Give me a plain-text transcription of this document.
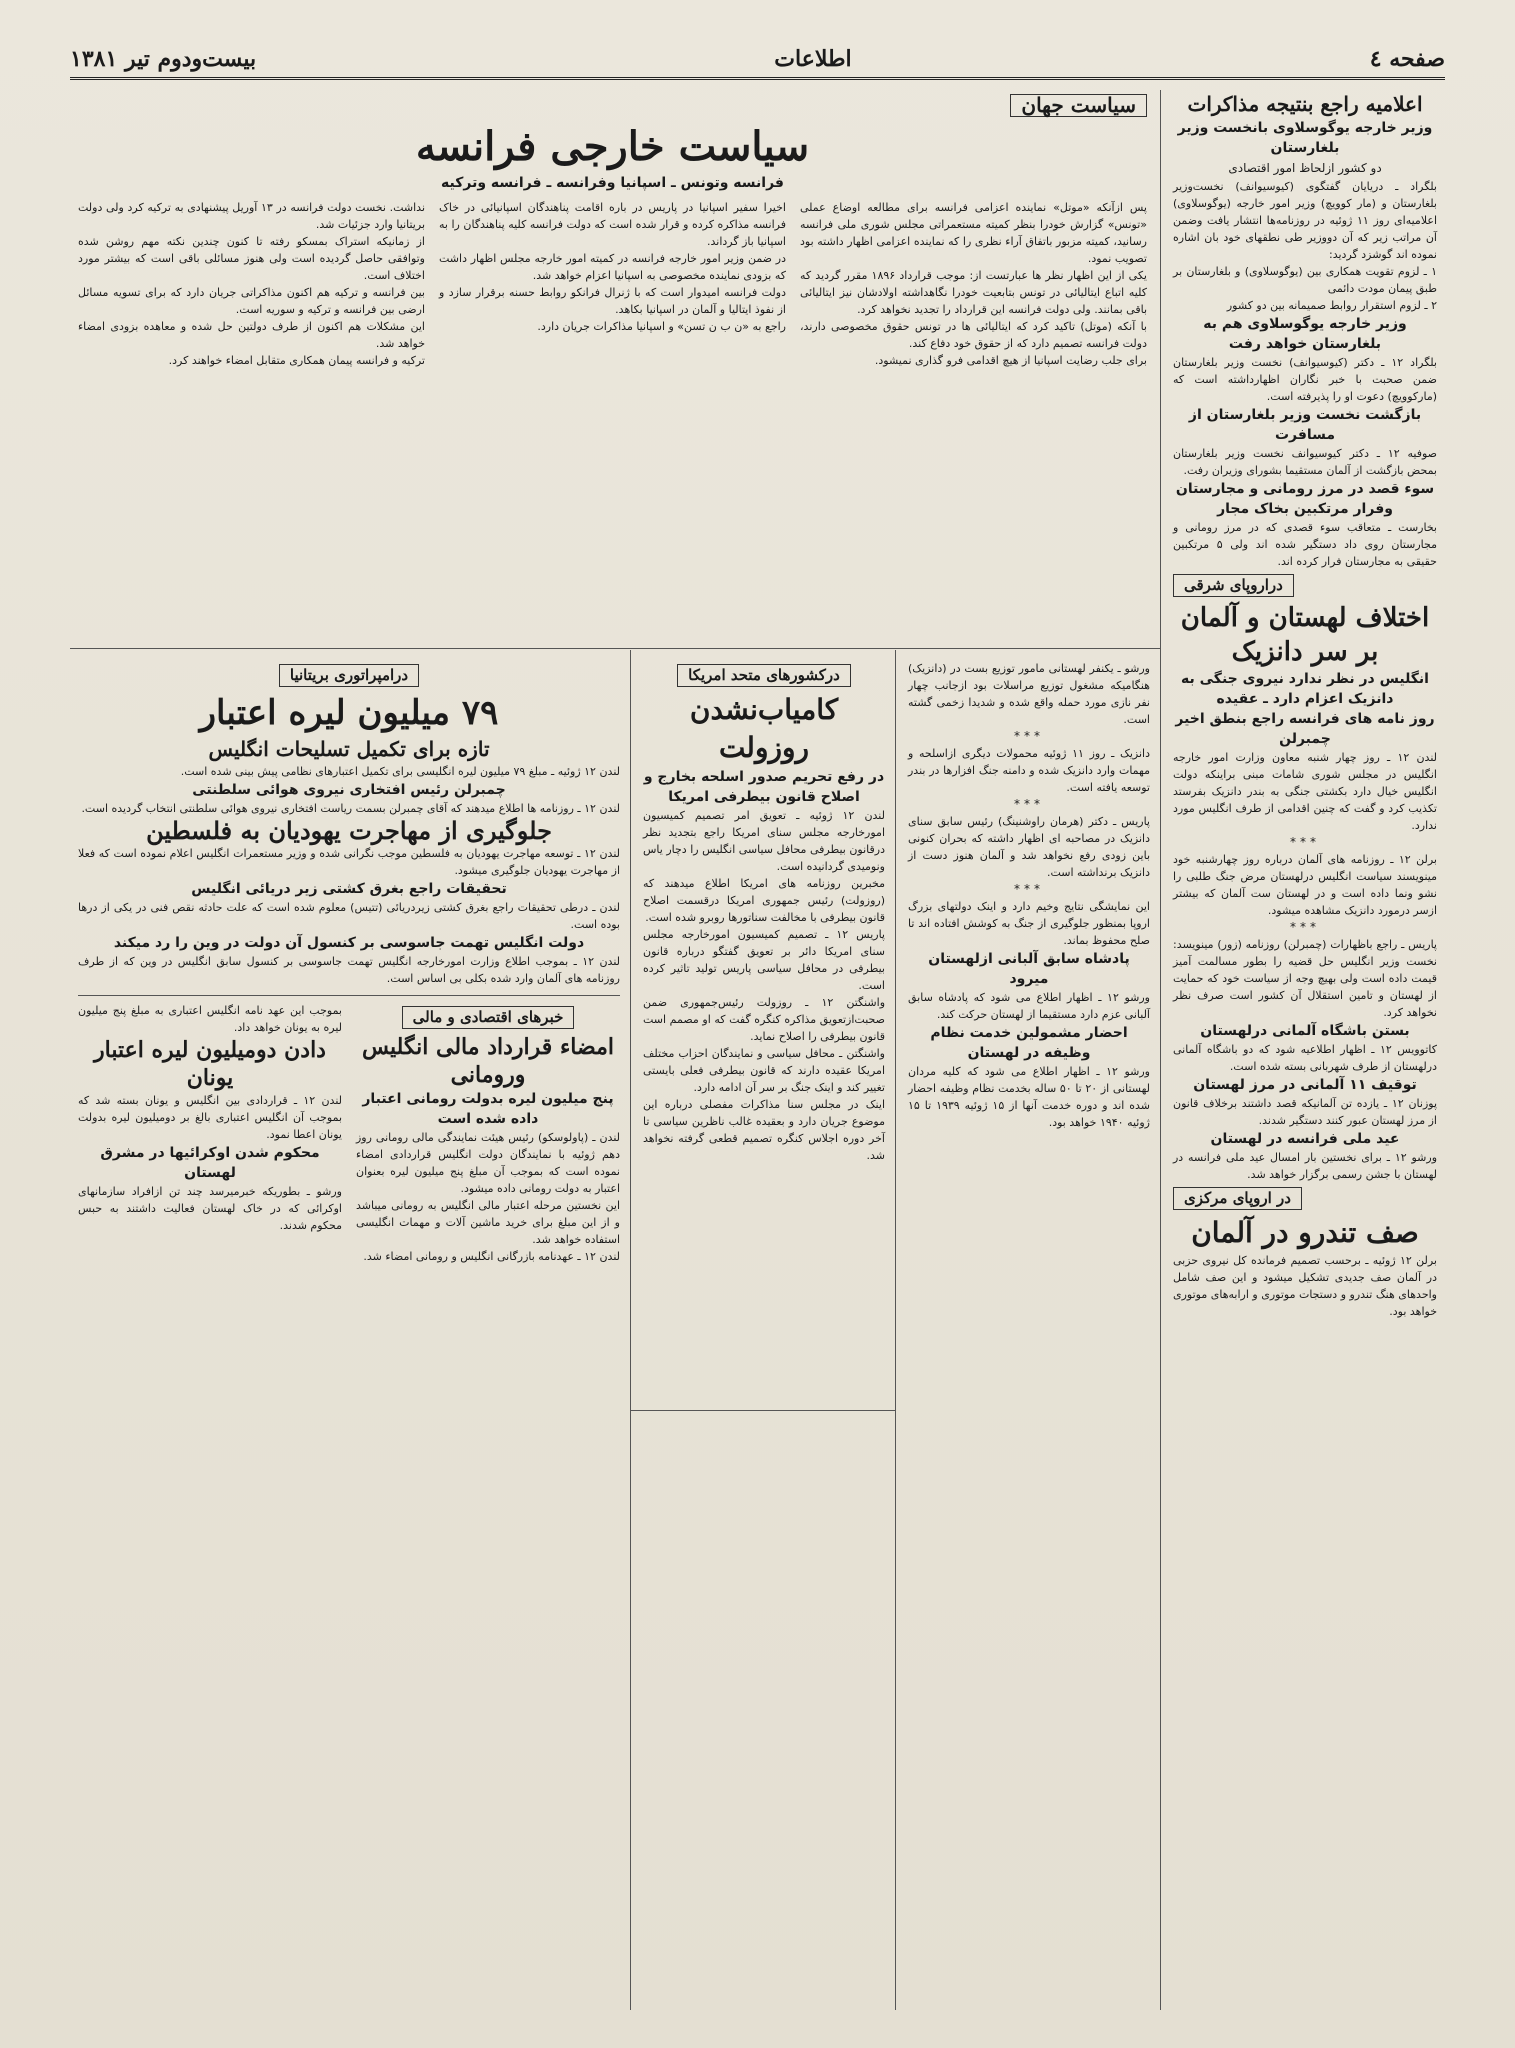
صفحه ٤
اطلاعات
بیست‌ودوم تیر ۱۳۸۱
اعلامیه راجع بنتیجه مذاکرات
وزیر خارجه یوگوسلاوی بانخست وزیر بلغارستان
دو کشور ازلحاظ امور اقتصادی
بلگراد ـ دریایان گفتگوی (کیوسیوانف) نخست‌وزیر بلغارستان و (مار کوویچ) وزیر امور خارجه (یوگوسلاوی) اعلامیه‌ای روز ۱۱ ژوئیه در روزنامه‌ها انتشار یافت وضمن آن مراتب زیر که آن دووزیر طی نطقهای خود بان اشاره نموده اند گوشزد گردید:
۱ ـ لزوم تقویت همکاری بین (یوگوسلاوی) و بلغارستان بر طبق پیمان مودت دائمی
۲ ـ لزوم استقرار روابط صمیمانه بین دو کشور
وزیر خارجه یوگوسلاوی هم به بلغارستان خواهد رفت
بلگراد ۱۲ ـ دکتر (کیوسیوانف) نخست وزیر بلغارستان ضمن صحبت با خبر نگاران اظهارداشته است که (مارکوویچ) دعوت او را پذیرفته است.
بازگشت نخست وزیر بلغارستان از مسافرت
صوفیه ۱۲ ـ دکتر کیوسیوانف نخست وزیر بلغارستان بمحض بازگشت از آلمان مستقیما بشورای وزیران رفت.
سوء قصد در مرز رومانی و مجارستان وفرار مرتکبین بخاک مجار
بخارست ـ متعاقب سوء قصدی که در مرز رومانی و مجارستان روی داد دستگیر شده اند ولی ۵ مرتکبین حقیقی به مجارستان فرار کرده اند.
دراروپای شرقی
اختلاف لهستان و آلمان بر سر دانزیک
انگلیس در نظر ندارد نیروی جنگی به دانزیک اعزام دارد ـ عقیده
روز نامه های فرانسه راجع بنطق اخیر چمبرلن
لندن ۱۲ ـ روز چهار شنبه معاون وزارت امور خارجه انگلیس در مجلس شوری شامات مبنی براینکه دولت انگلیس خیال دارد بکشتی جنگی به بندر دانزیک بفرستد تکذیب کرد و گفت که چنین اقدامی از طرف انگلیس مورد ندارد.
***
برلن ۱۲ ـ روزنامه های آلمان درباره روز چهارشنبه خود مینویسند سیاست انگلیس درلهستان مرض جنگ طلبی را نشو ونما داده است و در لهستان ست آلمان که بیشتر ازسر درمورد دانزیک مشاهده میشود.
***
پاریس ـ راجع باظهارات (چمبرلن) روزنامه (زور) مینویسد: نخست وزیر انگلیس حل قضیه را بطور مسالمت آمیز قیمت داده است ولی بهیچ وجه از سیاست خود که حمایت از لهستان و تامین استقلال آن کشور است صرف نظر نخواهد کرد.
بستن باشگاه آلمانی درلهستان
کاتوویس ۱۲ ـ اظهار اطلاعیه شود که دو باشگاه آلمانی درلهستان از طرف شهربانی بسته شده است.
توقیف ۱۱ آلمانی در مرز لهستان
پوزنان ۱۲ ـ یازده تن آلمانیکه قصد داشتند برخلاف قانون از مرز لهستان عبور کنند دستگیر شدند.
عید ملی فرانسه در لهستان
ورشو ۱۲ ـ برای نخستین بار امسال عید ملی فرانسه در لهستان با جشن رسمی برگزار خواهد شد.
در اروپای مرکزی
صف تندرو در آلمان
برلن ۱۲ ژوئیه ـ برحسب تصمیم فرمانده کل نیروی حزبی در آلمان صف جدیدی تشکیل میشود و این صف شامل واحدهای هنگ تندرو و دستجات موتوری و ارابه‌های موتوری خواهد بود.
سیاست جهان
سیاست خارجی فرانسه
فرانسه وتونس ـ اسپانیا وفرانسه ـ فرانسه وترکیه
پس ازآنکه «موتل» نماینده اعزامی فرانسه برای مطالعه اوضاع عملی «تونس» گزارش خودرا بنظر کمیته مستعمراتی مجلس شوری ملی فرانسه رسانید، کمیته مزبور باتفاق آراء نظری را که نماینده اعزامی اظهار داشته بود تصویب نمود.
یکی از این اظهار نظر ها عبارتست از: موجب قرارداد ۱۸۹۶ مقرر گردید که کلیه اتباع ایتالیائی در تونس بتابعیت خودرا نگاهداشته اولادشان نیز ایتالیائی باقی بمانند. ولی دولت فرانسه این قرارداد را تجدید نخواهد کرد.
با آنکه (موتل) تاکید کرد که ایتالیائی ها در تونس حقوق مخصوصی دارند، دولت فرانسه تصمیم دارد که از حقوق خود دفاع کند.
برای جلب رضایت اسپانیا از هیچ اقدامی فرو گذاری نمیشود.
اخیرا سفیر اسپانیا در پاریس در باره اقامت پناهندگان اسپانیائی در خاک فرانسه مذاکره کرده و قرار شده است که دولت فرانسه کلیه پناهندگان را به اسپانیا باز گرداند.
در ضمن وزیر امور خارجه فرانسه در کمیته امور خارجه مجلس اظهار داشت که بزودی نماینده مخصوصی به اسپانیا اعزام خواهد شد.
دولت فرانسه امیدوار است که با ژنرال فرانکو روابط حسنه برقرار سازد و از نفوذ ایتالیا و آلمان در اسپانیا بکاهد.
راجع به «ن ب ن تسن» و اسپانیا مذاکرات جریان دارد.
نداشت. نخست دولت فرانسه در ۱۳ آوریل پیشنهادی به ترکیه کرد ولی دولت بریتانیا وارد جزئیات شد.
از زمانیکه استراک بمسکو رفته تا کنون چندین نکته مهم روشن شده وتوافقی حاصل گردیده است ولی هنوز مسائلی باقی است که بیشتر مورد اختلاف است.
بین فرانسه و ترکیه هم اکنون مذاکراتی جریان دارد که برای تسویه مسائل ارضی بین فرانسه و ترکیه و سوریه است.
این مشکلات هم اکنون از طرف دولتین حل شده و معاهده بزودی امضاء خواهد شد.
ترکیه و فرانسه پیمان همکاری متقابل امضاء خواهند کرد.
ورشو ـ یکنفر لهستانی مامور توزیع بست در (دانزیک) هنگامیکه مشغول توزیع مراسلات بود ازجانب چهار نفر نازی مورد حمله واقع شده و شدیدا زخمی گشته است.
***
دانزیک ـ روز ۱۱ ژوئیه محمولات دیگری ازاسلحه و مهمات وارد دانزیک شده و دامنه جنگ افزارها در بندر توسعه یافته است.
***
پاریس ـ دکتر (هرمان راوشنینگ) رئیس سابق سنای دانزیک در مصاحبه ای اظهار داشته که بحران کنونی باین زودی رفع نخواهد شد و آلمان هنوز دست از دانزیک برنداشته است.
***
این نمایشگی نتایج وخیم دارد و اینک دولتهای بزرگ اروپا بمنظور جلوگیری از جنگ به کوشش افتاده اند تا صلح محفوظ بماند.
پادشاه سابق آلبانی ازلهستان میرود
ورشو ۱۲ ـ اظهار اطلاع می شود که پادشاه سابق آلبانی عزم دارد مستقیما از لهستان حرکت کند.
احضار مشمولین خدمت نظام وظیفه در لهستان
ورشو ۱۲ ـ اظهار اطلاع می شود که کلیه مردان لهستانی از ۲۰ تا ۵۰ ساله بخدمت نظام وظیفه احضار شده اند و دوره خدمت آنها از ۱۵ ژوئیه ۱۹۳۹ تا ۱۵ ژوئیه ۱۹۴۰ خواهد بود.
درکشورهای متحد امریکا
کامیاب‌نشدن روزولت
در رفع تحریم صدور اسلحه بخارج و
اصلاح قانون بیطرفی امریکا
لندن ۱۲ ژوئیه ـ تعویق امر تصمیم کمیسیون امورخارجه مجلس سنای امریکا راجع بتجدید نظر درقانون بیطرفی محافل سیاسی انگلیس را دچار یاس ونومیدی گردانیده است.
مخبرین روزنامه های امریکا اطلاع میدهند که (روزولت) رئیس جمهوری امریکا درقسمت اصلاح قانون بیطرفی با مخالفت سناتورها روبرو شده است.
پاریس ۱۲ ـ تصمیم کمیسیون امورخارجه مجلس سنای امریکا دائر بر تعویق گفتگو درباره قانون بیطرفی در محافل سیاسی پاریس تولید تاثیر کرده است.
واشنگتن ۱۲ ـ روزولت رئیس‌جمهوری ضمن صحبت‌ازتعویق مذاکره کنگره گفت که او مصمم است قانون بیطرفی را اصلاح نماید.
واشنگتن ـ محافل سیاسی و نمایندگان احزاب مختلف امریکا عقیده دارند که قانون بیطرفی فعلی بایستی تغییر کند و اینک جنگ بر سر آن ادامه دارد.
اینک در مجلس سنا مذاکرات مفصلی درباره این موضوع جریان دارد و بعقیده غالب ناظرین سیاسی تا آخر دوره اجلاس کنگره تصمیم قطعی گرفته نخواهد شد.
درامپراتوری بریتانیا
۷۹ میلیون لیره اعتبار
تازه برای تکمیل تسلیحات انگلیس
لندن ۱۲ ژوئیه ـ مبلغ ۷۹ میلیون لیره انگلیسی برای تکمیل اعتبارهای نظامی پیش بینی شده است.
چمبرلن رئیس افتخاری نیروی هوائی سلطنتی
لندن ۱۲ ـ روزنامه ها اطلاع میدهند که آقای چمبرلن بسمت ریاست افتخاری نیروی هوائی سلطنتی انتخاب گردیده است.
جلوگیری از مهاجرت یهودیان به فلسطین
لندن ۱۲ ـ توسعه مهاجرت یهودیان به فلسطین موجب نگرانی شده و وزیر مستعمرات انگلیس اعلام نموده است که فعلا از مهاجرت یهودیان جلوگیری میشود.
تحقیقات راجع بغرق کشتی زیر دریائی انگلیس
لندن ـ درطی تحقیقات راجع بغرق کشتی زیردریائی (تتیس) معلوم شده است که علت حادثه نقص فنی در یکی از درها بوده است.
دولت انگلیس تهمت جاسوسی بر کنسول آن دولت در وین را رد میکند
لندن ۱۲ ـ بموجب اطلاع وزارت امورخارجه انگلیس تهمت جاسوسی بر کنسول سابق انگلیس در وین که از طرف روزنامه های آلمان وارد شده بکلی بی اساس است.
خبرهای اقتصادی و مالی
امضاء قرارداد مالی انگلیس ورومانی
پنج میلیون لیره بدولت رومانی اعتبار داده شده است
لندن ـ (پاولوسکو) رئیس هیئت نمایندگی مالی رومانی روز دهم ژوئیه با نمایندگان دولت انگلیس قراردادی امضاء نموده است که بموجب آن مبلغ پنج میلیون لیره بعنوان اعتبار به دولت رومانی داده میشود.
این نخستین مرحله اعتبار مالی انگلیس به رومانی میباشد و از این مبلغ برای خرید ماشین آلات و مهمات انگلیسی استفاده خواهد شد.
لندن ۱۲ ـ عهدنامه بازرگانی انگلیس و رومانی امضاء شد.
بموجب این عهد نامه انگلیس اعتباری به مبلغ پنج میلیون لیره به یونان خواهد داد.
دادن دومیلیون لیره اعتبار یونان
لندن ۱۲ ـ قراردادی بین انگلیس و یونان بسته شد که بموجب آن انگلیس اعتباری بالغ بر دومیلیون لیره بدولت یونان اعطا نمود.
محکوم شدن اوکرائیها در مشرق لهستان
ورشو ـ بطوریکه خبرمیرسد چند تن ازافراد سازمانهای اوکرائی که در خاک لهستان فعالیت داشتند به حبس محکوم شدند.
